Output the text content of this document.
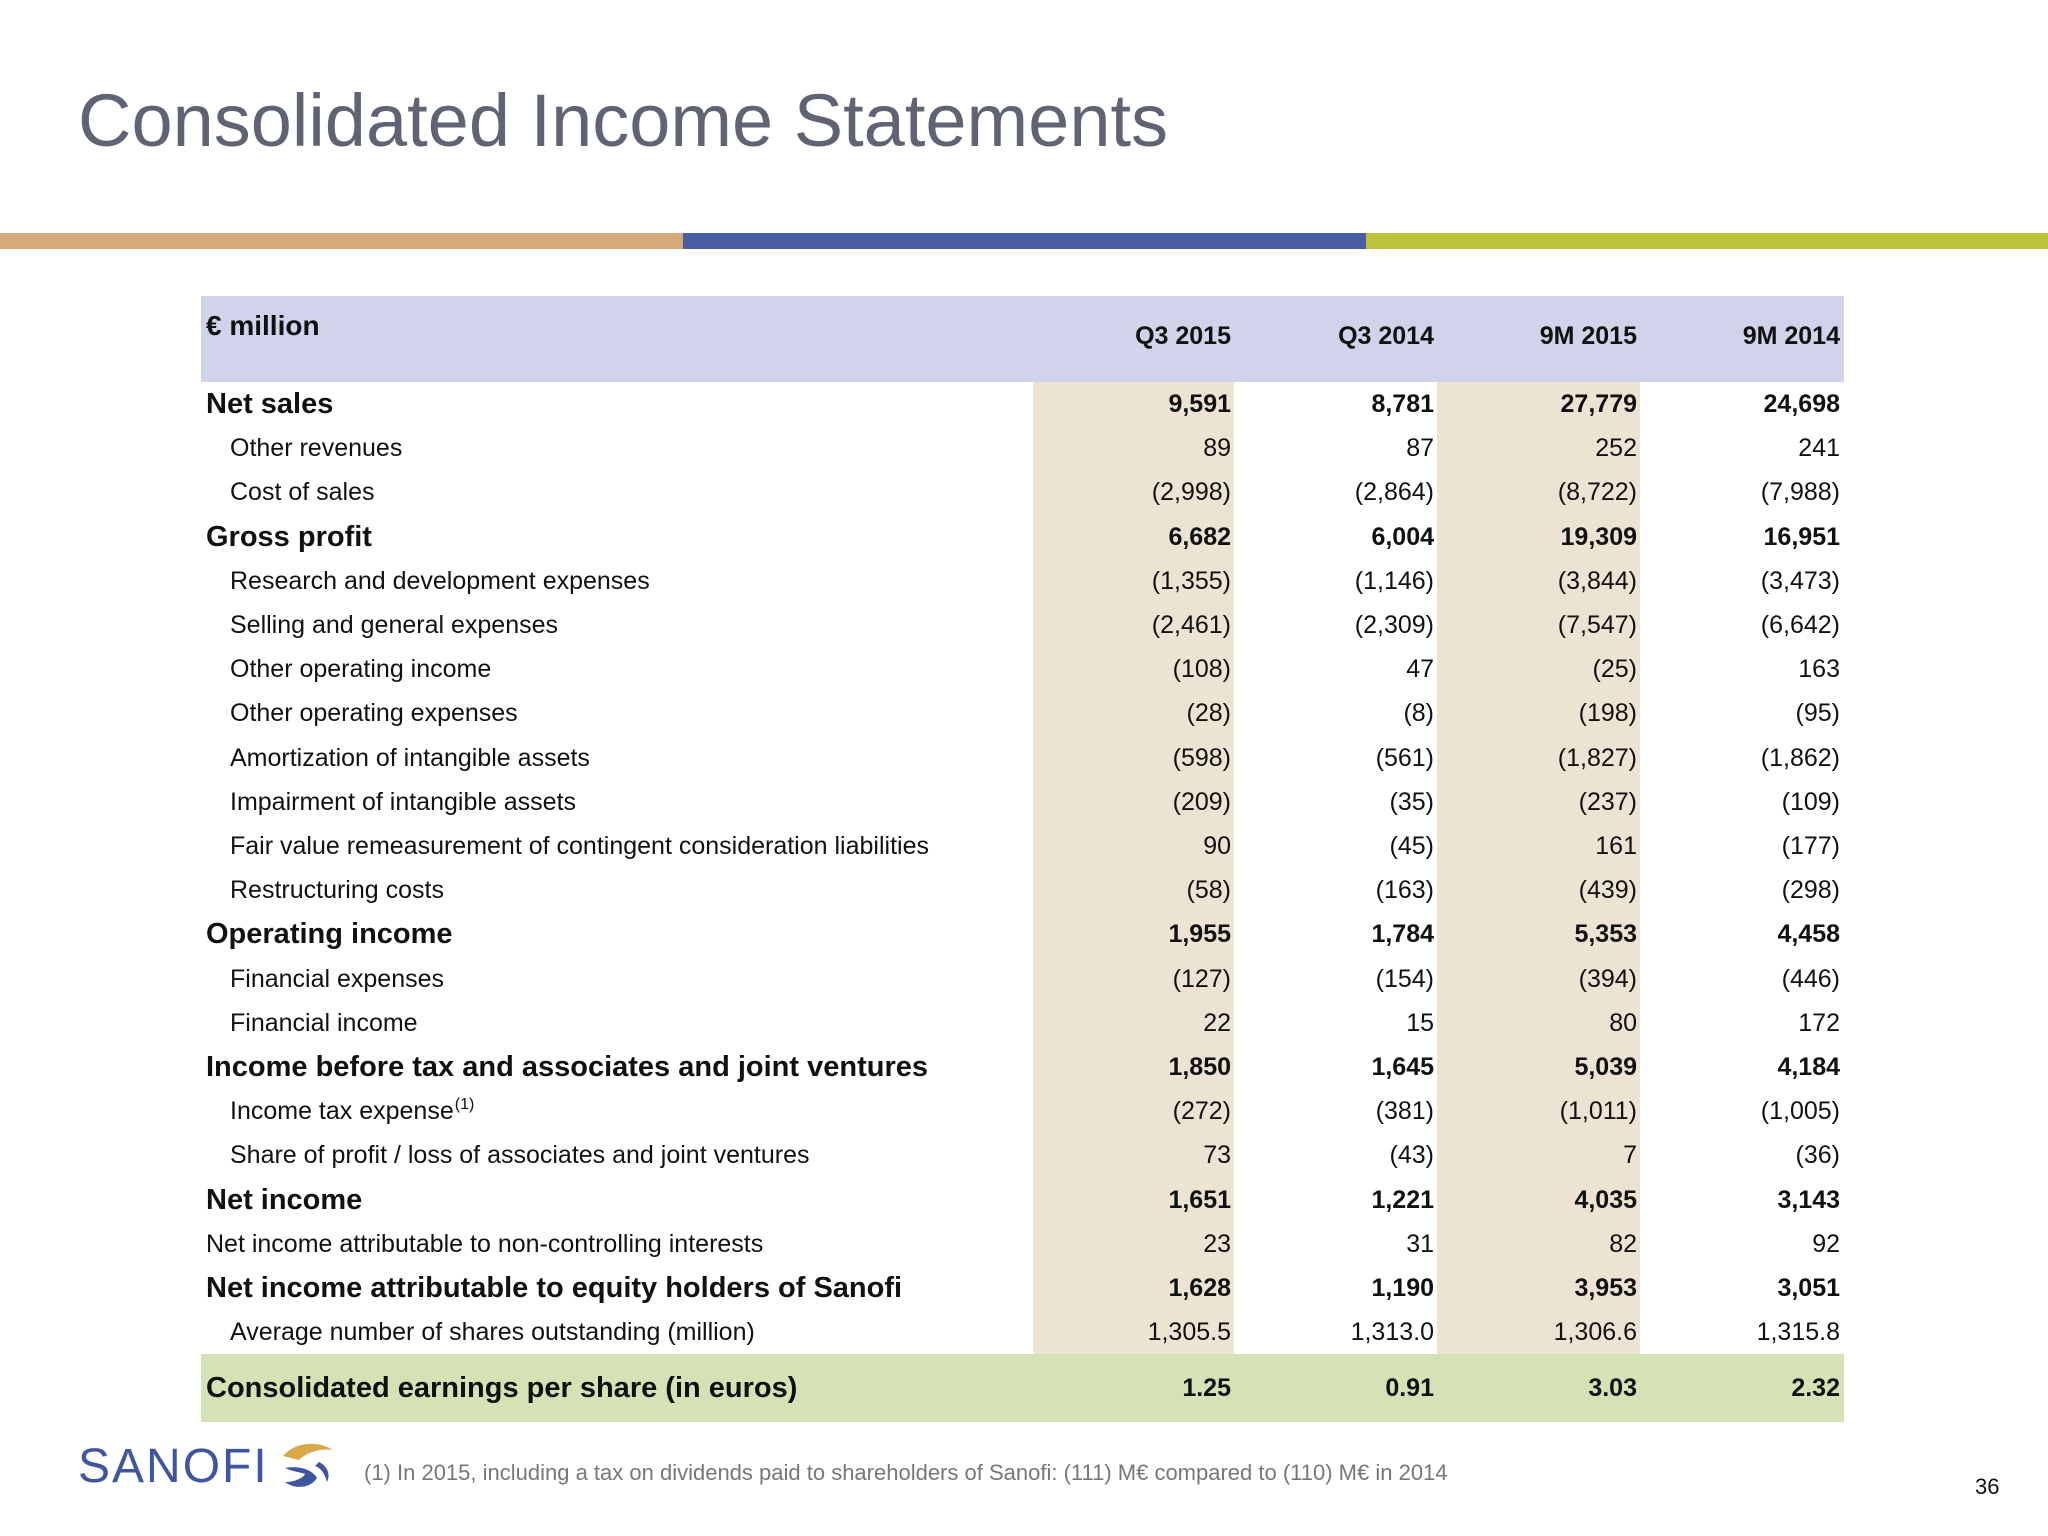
Consolidated Income Statements
€ million	Q3 2015	Q3 2014	9M 2015	9M 2014
Consolidated earnings per share (in euros)	1.25	0.91	3.03	2.32
Net sales	9,591	8,781	27,779	24,698
Other revenues	89	87	252	241
Cost of sales	(2,998)	(2,864)	(8,722)	(7,988)
Gross profit	6,682	6,004	19,309	16,951
Research and development expenses	(1,355)	(1,146)	(3,844)	(3,473)
Selling and general expenses	(2,461)	(2,309)	(7,547)	(6,642)
Other operating income	(108)	47	(25)	163
Other operating expenses	(28)	(8)	(198)	(95)
Amortization of intangible assets	(598)	(561)	(1,827)	(1,862)
Impairment of intangible assets	(209)	(35)	(237)	(109)
Fair value remeasurement of contingent consideration liabilities	90	(45)	161	(177)
Restructuring costs	(58)	(163)	(439)	(298)
Operating income	1,955	1,784	5,353	4,458
Financial expenses	(127)	(154)	(394)	(446)
Financial income	22	15	80	172
Income before tax and associates and joint ventures	1,850	1,645	5,039	4,184
Income tax expense$^{(1)}$	(272)	(381)	(1,011)	(1,005)
Share of profit / loss of associates and joint ventures	73	(43)	7	(36)
Net income	1,651	1,221	4,035	3,143
Net income attributable to non-controlling interests	23	31	82	92
Net income attributable to equity holders of Sanofi	1,628	1,190	3,953	3,051
Average number of shares outstanding (million)	1,305.5	1,313.0	1,306.6	1,315.8
SANOFI	(1) In 2015, including a tax on dividends paid to shareholders of Sanofi: (111) M€ compared to (110) M€ in 2014
36
